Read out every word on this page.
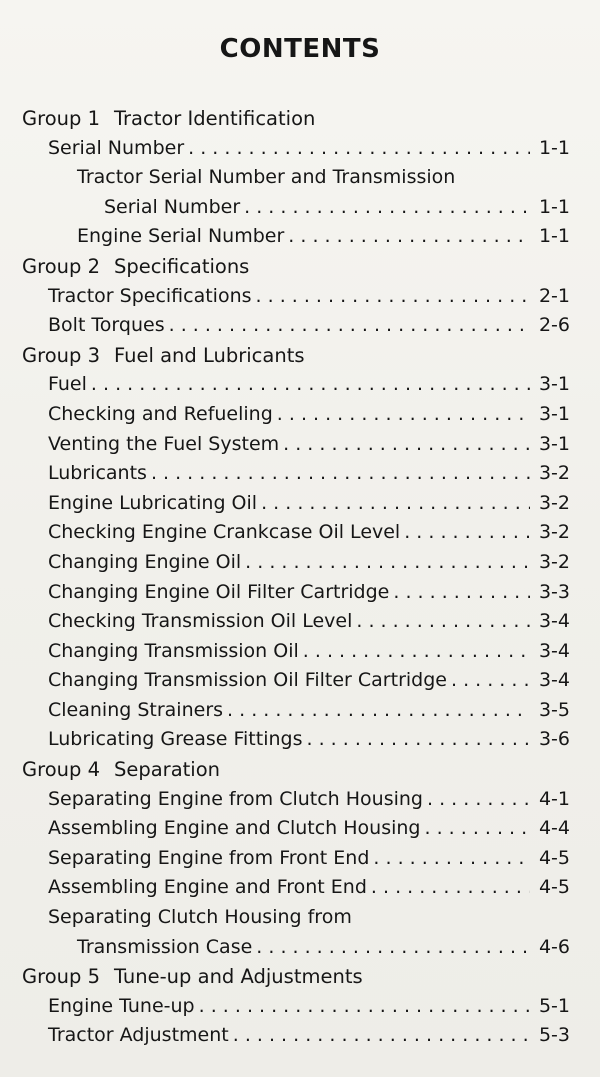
CONTENTS
Group 1 Tractor Identification
Serial Number . . .	1-1
Tractor Serial Number and Transmission
Serial Number . . .	1-1
Engine Serial Number . . .	1-1
Group 2 Specifications
Tractor Specifications . . .	2-1
Bolt Torques . . .	2-6
Group 3 Fuel and Lubricants
Fuel . . .	3-1
Checking and Refueling . . .	3-1
Venting the Fuel System . . .	3-1
Lubricants . . .	3-2
Engine Lubricating Oil . . .	3-2
Checking Engine Crankcase Oil Level . . .	3-2
Changing Engine Oil . . .	3-2
Changing Engine Oil Filter Cartridge . . .	3-3
Checking Transmission Oil Level . . .	3-4
Changing Transmission Oil . . .	3-4
Changing Transmission Oil Filter Cartridge . . .	3-4
Cleaning Strainers . . .	3-5
Lubricating Grease Fittings . . .	3-6
Group 4 Separation
Separating Engine from Clutch Housing . . .	4-1
Assembling Engine and Clutch Housing . . .	4-4
Separating Engine from Front End . . .	4-5
Assembling Engine and Front End . . .	4-5
Separating Clutch Housing from
Transmission Case . . .	4-6
Group 5 Tune-up and Adjustments
Engine Tune-up . . .	5-1
Tractor Adjustment . . .	5-3
